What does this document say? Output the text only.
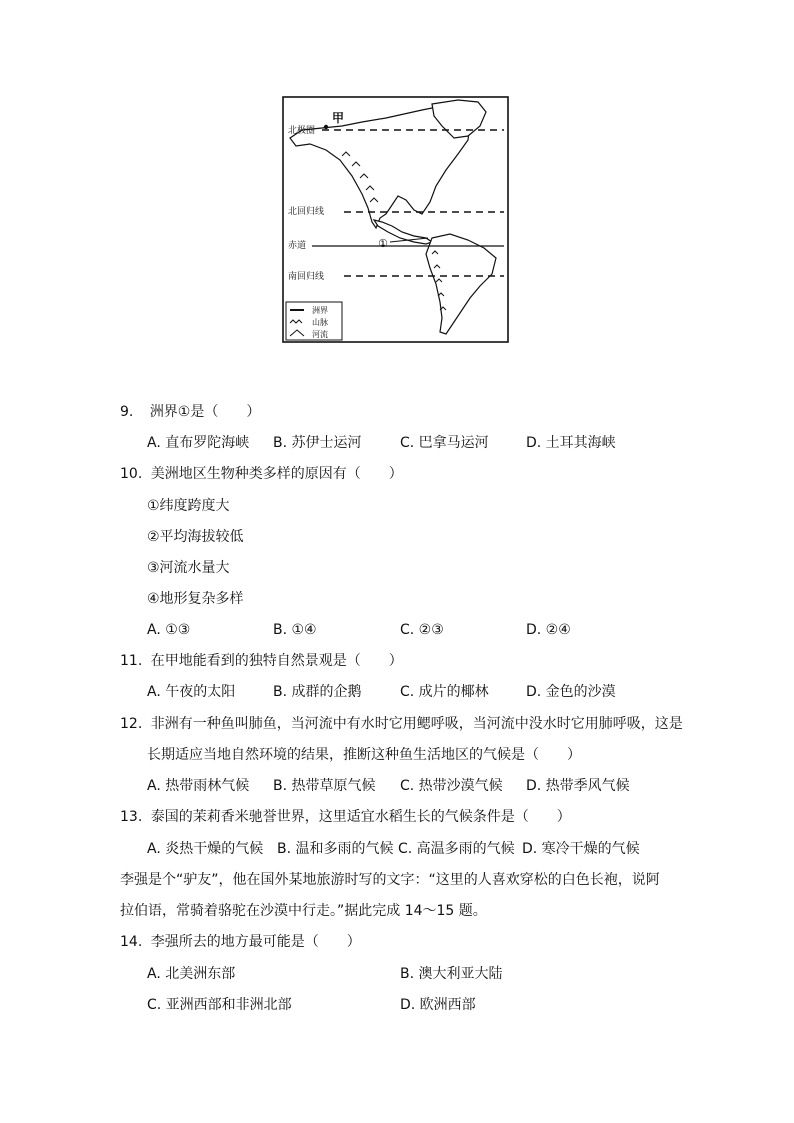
北极圈
甲
北回归线
赤道	①
南回归线
洲界
山脉
河流
9. 洲界①是（　　）
A. 直布罗陀海峡 B. 苏伊士运河	C. 巴拿马运河	D. 土耳其海峡
10. 美洲地区生物种类多样的原因有（　　）
①纬度跨度大
②平均海拔较低
③河流水量大
④地形复杂多样
A. ①③	B. ①④	C. ②③	D. ②④
11. 在甲地能看到的独特自然景观是（　　）
A. 午夜的太阳	B. 成群的企鹅	C. 成片的椰林	D. 金色的沙漠
12. 非洲有一种鱼叫肺鱼，当河流中有水时它用鳃呼吸，当河流中没水时它用肺呼吸，这是
长期适应当地自然环境的结果，推断这种鱼生活地区的气候是（　　）
A. 热带雨林气候 B. 热带草原气候 C. 热带沙漠气候 D. 热带季风气候
13. 泰国的茉莉香米驰誉世界，这里适宜水稻生长的气候条件是（　　）
A. 炎热干燥的气候 B. 温和多雨的气候 C. 高温多雨的气候 D. 寒冷干燥的气候
李强是个“驴友”，他在国外某地旅游时写的文字：“这里的人喜欢穿松的白色长袍，说阿
拉伯语，常骑着骆驼在沙漠中行走。”据此完成 14～15 题。
14. 李强所去的地方最可能是（　　）
A. 北美洲东部	B. 澳大利亚大陆
C. 亚洲西部和非洲北部	D. 欧洲西部
